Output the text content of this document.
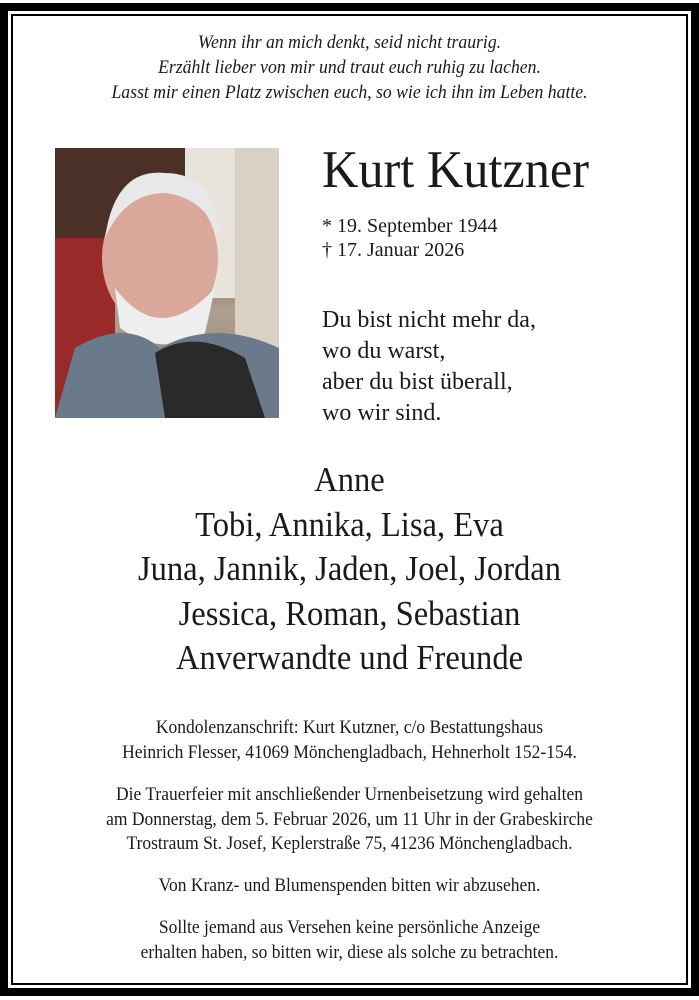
Wenn ihr an mich denkt, seid nicht traurig.
Erzählt lieber von mir und traut euch ruhig zu lachen.
Lasst mir einen Platz zwischen euch, so wie ich ihn im Leben hatte.
Kurt Kutzner
* 19. September 1944
† 17. Januar 2026
Du bist nicht mehr da,
wo du warst,
aber du bist überall,
wo wir sind.
Anne
Tobi, Annika, Lisa, Eva
Juna, Jannik, Jaden, Joel, Jordan
Jessica, Roman, Sebastian
Anverwandte und Freunde
Kondolenzanschrift: Kurt Kutzner, c/o Bestattungshaus
Heinrich Flesser, 41069 Mönchengladbach, Hehnerholt 152-154.
Die Trauerfeier mit anschließender Urnenbeisetzung wird gehalten
am Donnerstag, dem 5. Februar 2026, um 11 Uhr in der Grabeskirche
Trostraum St. Josef, Keplerstraße 75, 41236 Mönchengladbach.
Von Kranz- und Blumenspenden bitten wir abzusehen.
Sollte jemand aus Versehen keine persönliche Anzeige
erhalten haben, so bitten wir, diese als solche zu betrachten.
